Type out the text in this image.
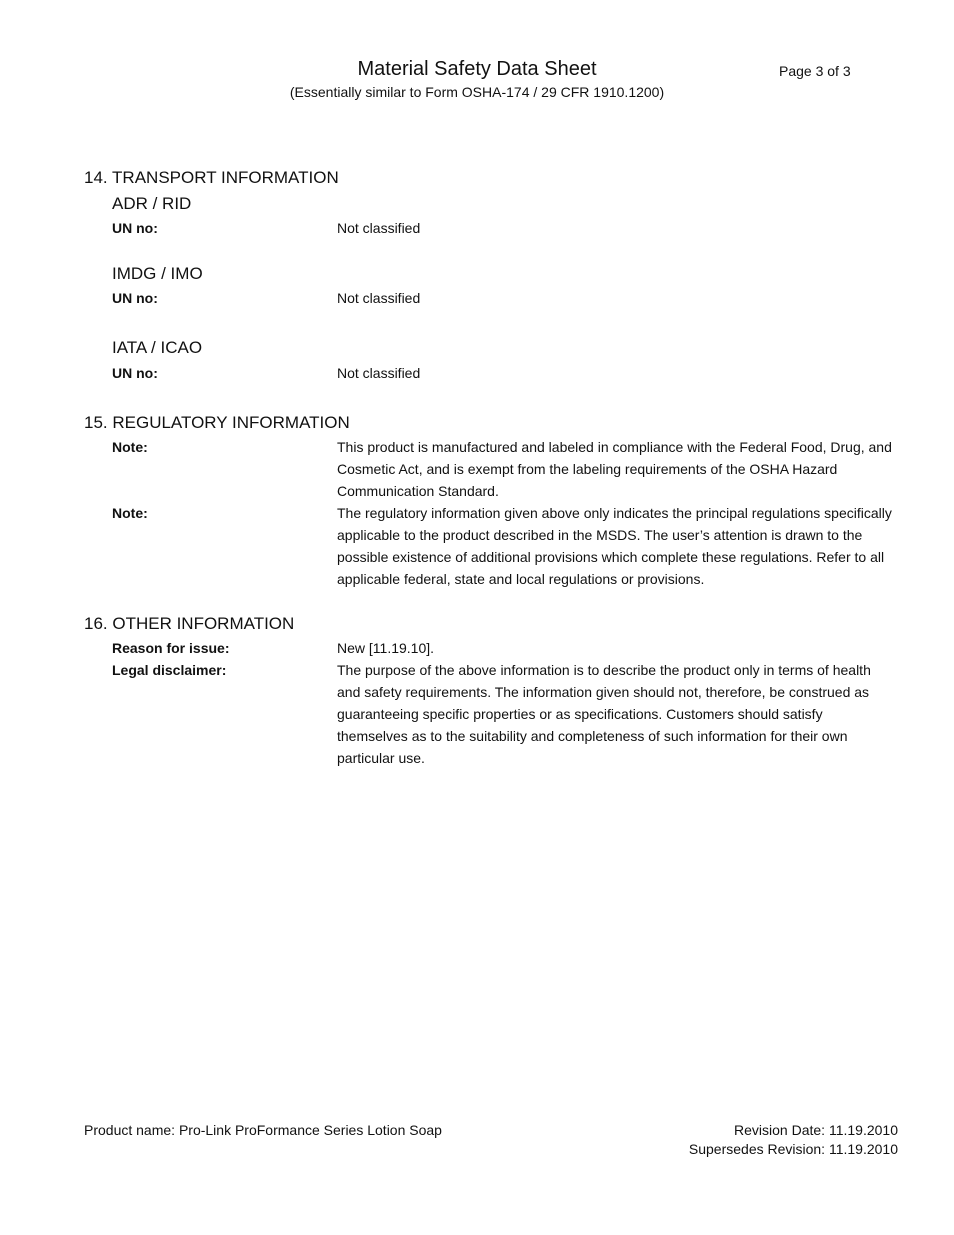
Material Safety Data Sheet
(Essentially similar to Form OSHA-174 / 29 CFR 1910.1200)
Page 3 of 3
14. TRANSPORT INFORMATION
ADR / RID
UN no:	Not classified
IMDG / IMO
UN no:	Not classified
IATA / ICAO
UN no:	Not classified
15. REGULATORY INFORMATION
Note:	This product is manufactured and labeled in compliance with the Federal Food, Drug, and Cosmetic Act, and is exempt from the labeling requirements of the OSHA Hazard Communication Standard.
Note:	The regulatory information given above only indicates the principal regulations specifically applicable to the product described in the MSDS. The user’s attention is drawn to the possible existence of additional provisions which complete these regulations. Refer to all applicable federal, state and local regulations or provisions.
16. OTHER INFORMATION
Reason for issue:	New [11.19.10].
Legal disclaimer:	The purpose of the above information is to describe the product only in terms of health and safety requirements. The information given should not, therefore, be construed as guaranteeing specific properties or as specifications. Customers should satisfy themselves as to the suitability and completeness of such information for their own particular use.
Product name: Pro-Link ProFormance Series Lotion Soap	Revision Date: 11.19.2010
Supersedes Revision: 11.19.2010
